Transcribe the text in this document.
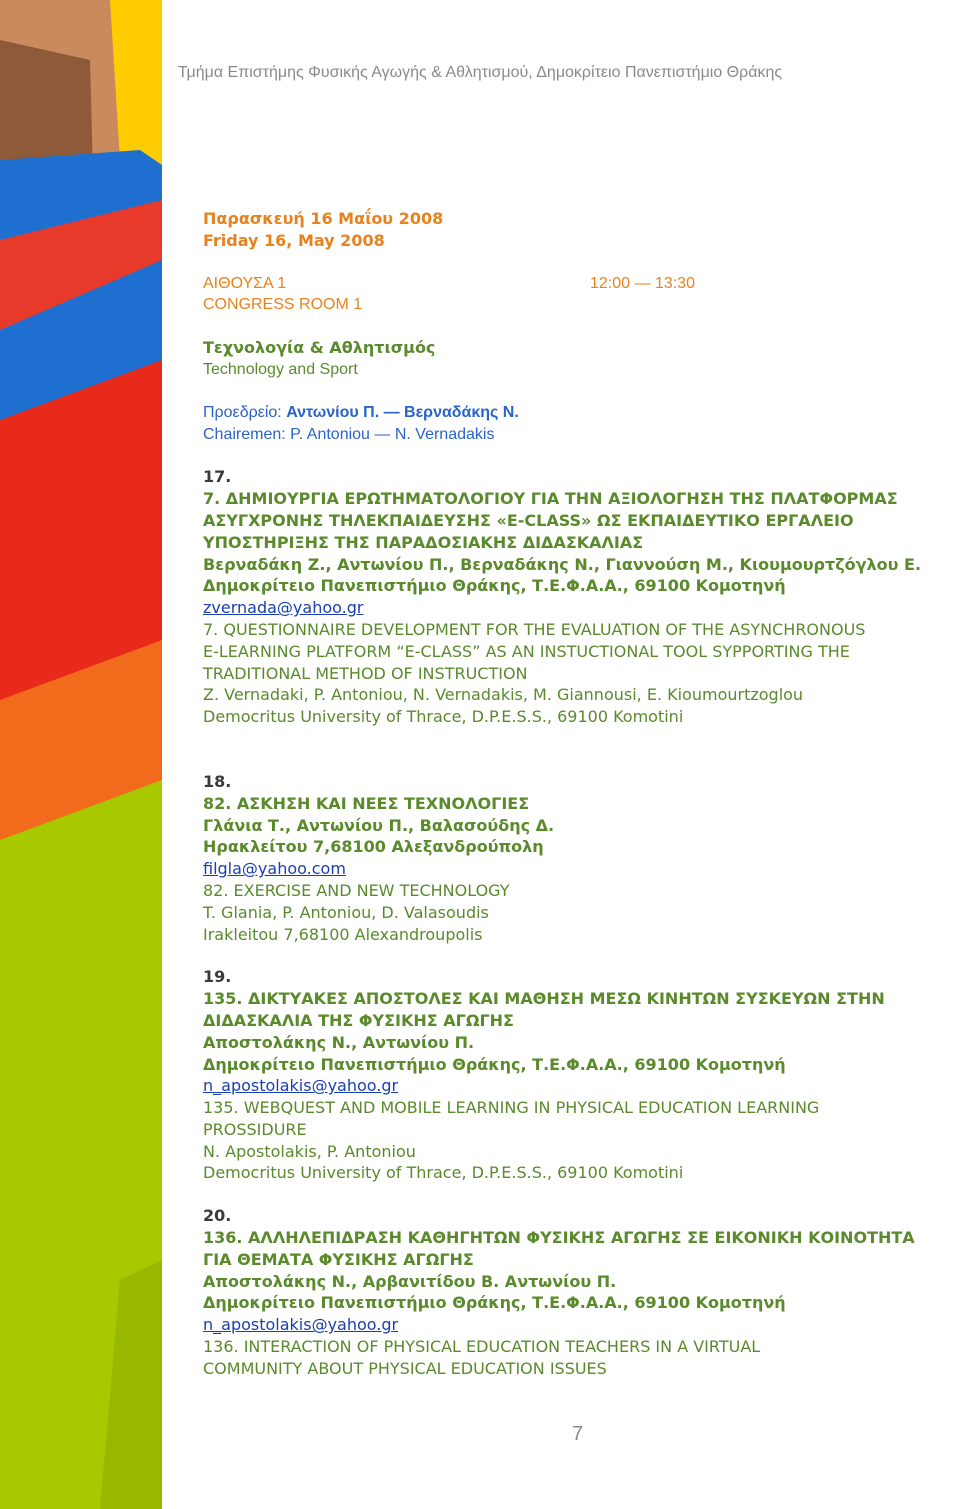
Τμήμα Επιστήμης Φυσικής Αγωγής & Αθλητισμού, Δημοκρίτειο Πανεπιστήμιο Θράκης
Παρασκευή 16 Μαΐου 2008
Friday 16, May 2008
ΑΙΘΟΥΣΑ 1	12:00 — 13:30
CONGRESS ROOM 1
Τεχνολογία & Αθλητισμός
Technology and Sport
Προεδρείο: Αντωνίου Π. — Βερναδάκης Ν.
Chairemen: P. Antoniou — N. Vernadakis
17.
7. ΔΗΜΙΟΥΡΓΙΑ ΕΡΩΤΗΜΑΤΟΛΟΓΙΟΥ ΓΙΑ ΤΗΝ ΑΞΙΟΛΟΓΗΣΗ ΤΗΣ ΠΛΑΤΦΟΡΜΑΣ
ΑΣΥΓΧΡΟΝΗΣ ΤΗΛΕΚΠΑΙΔΕΥΣΗΣ «E-CLASS» ΩΣ ΕΚΠΑΙΔΕΥΤΙΚΟ ΕΡΓΑΛΕΙΟ
ΥΠΟΣΤΗΡΙΞΗΣ ΤΗΣ ΠΑΡΑΔΟΣΙΑΚΗΣ ΔΙΔΑΣΚΑΛΙΑΣ
Βερναδάκη Ζ., Αντωνίου Π., Βερναδάκης Ν., Γιαννούση Μ., Κιουμουρτζόγλου Ε.
Δημοκρίτειο Πανεπιστήμιο Θράκης, Τ.Ε.Φ.Α.Α., 69100 Κομοτηνή
zvernada@yahoo.gr
7. QUESTIONNAIRE DEVELOPMENT FOR THE EVALUATION OF THE ASYNCHRONOUS
E-LEARNING PLATFORM “E-CLASS” AS AN INSTUCTIONAL TOOL SYPPORTING THE
TRADITIONAL METHOD OF INSTRUCTION
Z. Vernadaki, P. Antoniou, N. Vernadakis, M. Giannousi, E. Kioumourtzoglou
Democritus University of Thrace, D.P.E.S.S., 69100 Komotini
18.
82. ΑΣΚΗΣΗ ΚΑΙ ΝΕΕΣ ΤΕΧΝΟΛΟΓΙΕΣ
Γλάνια Τ., Αντωνίου Π., Βαλασούδης Δ.
Ηρακλείτου 7,68100 Αλεξανδρούπολη
filgla@yahoo.com
82. EXERCISE AND NEW TECHNOLOGY
T. Glania, P. Antoniou, D. Valasoudis
Irakleitou 7,68100 Alexandroupolis
19.
135. ΔΙΚΤΥΑΚΕΣ ΑΠΟΣΤΟΛΕΣ ΚΑΙ ΜΑΘΗΣΗ ΜΕΣΩ ΚΙΝΗΤΩΝ ΣΥΣΚΕΥΩΝ ΣΤΗΝ
ΔΙΔΑΣΚΑΛΙΑ ΤΗΣ ΦΥΣΙΚΗΣ ΑΓΩΓΗΣ
Αποστολάκης Ν., Αντωνίου Π.
Δημοκρίτειο Πανεπιστήμιο Θράκης, Τ.Ε.Φ.Α.Α., 69100 Κομοτηνή
n_apostolakis@yahoo.gr
135. WEBQUEST AND MOBILE LEARNING IN PHYSICAL EDUCATION LEARNING
PROSSIDURE
N. Apostolakis, P. Antoniou
Democritus University of Thrace, D.P.E.S.S., 69100 Komotini
20.
136. ΑΛΛΗΛΕΠΙΔΡΑΣΗ ΚΑΘΗΓΗΤΩΝ ΦΥΣΙΚΗΣ ΑΓΩΓΗΣ ΣΕ ΕΙΚΟΝΙΚΗ ΚΟΙΝΟΤΗΤΑ
ΓΙΑ ΘΕΜΑΤΑ ΦΥΣΙΚΗΣ ΑΓΩΓΗΣ
Αποστολάκης Ν., Αρβανιτίδου Β. Αντωνίου Π.
Δημοκρίτειο Πανεπιστήμιο Θράκης, Τ.Ε.Φ.Α.Α., 69100 Κομοτηνή
n_apostolakis@yahoo.gr
136. INTERACTION OF PHYSICAL EDUCATION TEACHERS IN A VIRTUAL
COMMUNITY ABOUT PHYSICAL EDUCATION ISSUES
7
